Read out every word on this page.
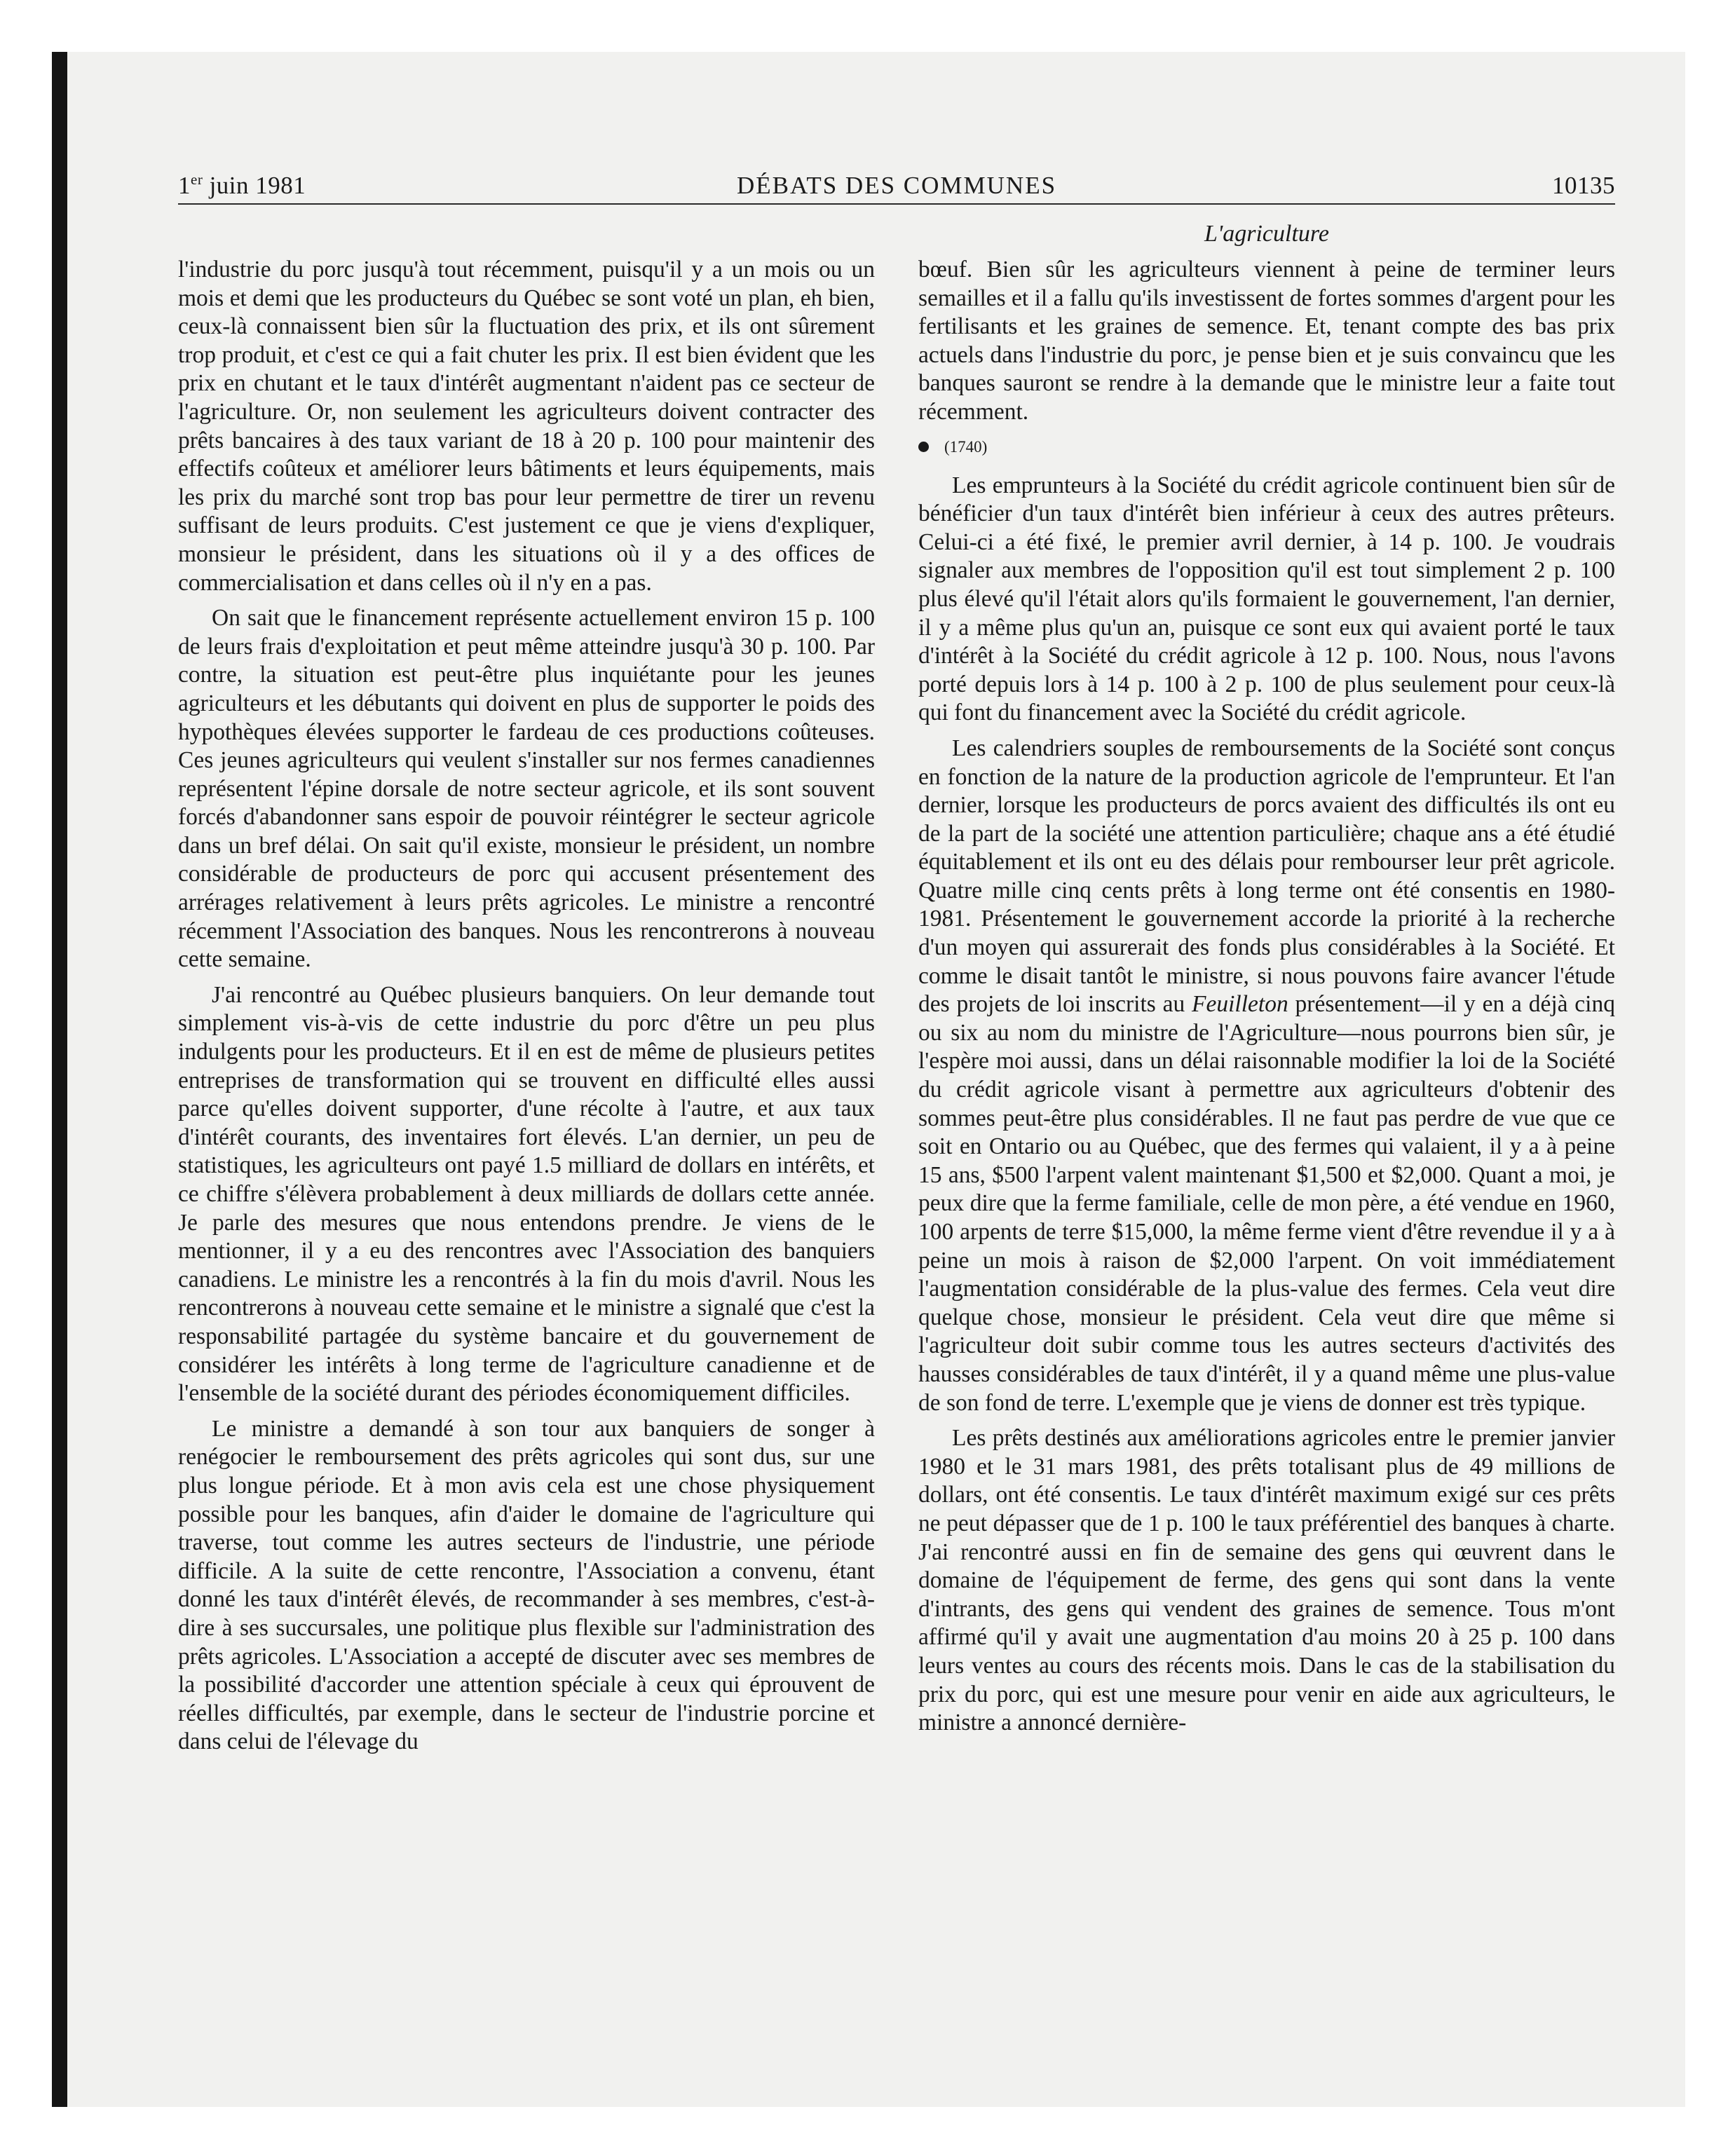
1er juin 1981	DÉBATS DES COMMUNES	10135
L'agriculture

l'industrie du porc jusqu'à tout récemment, puisqu'il y a un mois ou un mois et demi que les producteurs du Québec se sont voté un plan, eh bien, ceux-là connaissent bien sûr la fluctuation des prix, et ils ont sûrement trop produit, et c'est ce qui a fait chuter les prix. Il est bien évident que les prix en chutant et le taux d'intérêt augmentant n'aident pas ce secteur de l'agriculture. Or, non seulement les agriculteurs doivent contracter des prêts bancaires à des taux variant de 18 à 20 p. 100 pour maintenir des effectifs coûteux et améliorer leurs bâtiments et leurs équipements, mais les prix du marché sont trop bas pour leur permettre de tirer un revenu suffisant de leurs produits. C'est justement ce que je viens d'expliquer, monsieur le président, dans les situations où il y a des offices de commercialisation et dans celles où il n'y en a pas.

On sait que le financement représente actuellement environ 15 p. 100 de leurs frais d'exploitation et peut même atteindre jusqu'à 30 p. 100. Par contre, la situation est peut-être plus inquiétante pour les jeunes agriculteurs et les débutants qui doivent en plus de supporter le poids des hypothèques élevées supporter le fardeau de ces productions coûteuses. Ces jeunes agriculteurs qui veulent s'installer sur nos fermes canadiennes représentent l'épine dorsale de notre secteur agricole, et ils sont souvent forcés d'abandonner sans espoir de pouvoir réintégrer le secteur agricole dans un bref délai. On sait qu'il existe, monsieur le président, un nombre considérable de producteurs de porc qui accusent présentement des arrérages relativement à leurs prêts agricoles. Le ministre a rencontré récemment l'Association des banques. Nous les rencontrerons à nouveau cette semaine.

J'ai rencontré au Québec plusieurs banquiers. On leur demande tout simplement vis-à-vis de cette industrie du porc d'être un peu plus indulgents pour les producteurs. Et il en est de même de plusieurs petites entreprises de transformation qui se trouvent en difficulté elles aussi parce qu'elles doivent supporter, d'une récolte à l'autre, et aux taux d'intérêt courants, des inventaires fort élevés. L'an dernier, un peu de statistiques, les agriculteurs ont payé 1.5 milliard de dollars en intérêts, et ce chiffre s'élèvera probablement à deux milliards de dollars cette année. Je parle des mesures que nous entendons prendre. Je viens de le mentionner, il y a eu des rencontres avec l'Association des banquiers canadiens. Le ministre les a rencontrés à la fin du mois d'avril. Nous les rencontrerons à nouveau cette semaine et le ministre a signalé que c'est la responsabilité partagée du système bancaire et du gouvernement de considérer les intérêts à long terme de l'agriculture canadienne et de l'ensemble de la société durant des périodes économiquement difficiles.

Le ministre a demandé à son tour aux banquiers de songer à renégocier le remboursement des prêts agricoles qui sont dus, sur une plus longue période. Et à mon avis cela est une chose physiquement possible pour les banques, afin d'aider le domaine de l'agriculture qui traverse, tout comme les autres secteurs de l'industrie, une période difficile. A la suite de cette rencontre, l'Association a convenu, étant donné les taux d'intérêt élevés, de recommander à ses membres, c'est-à-dire à ses succursales, une politique plus flexible sur l'administration des prêts agricoles. L'Association a accepté de discuter avec ses membres de la possibilité d'accorder une attention spéciale à ceux qui éprouvent de réelles difficultés, par exemple, dans le secteur de l'industrie porcine et dans celui de l'élevage du

bœuf. Bien sûr les agriculteurs viennent à peine de terminer leurs semailles et il a fallu qu'ils investissent de fortes sommes d'argent pour les fertilisants et les graines de semence. Et, tenant compte des bas prix actuels dans l'industrie du porc, je pense bien et je suis convaincu que les banques sauront se rendre à la demande que le ministre leur a faite tout récemment.

(1740)

Les emprunteurs à la Société du crédit agricole continuent bien sûr de bénéficier d'un taux d'intérêt bien inférieur à ceux des autres prêteurs. Celui-ci a été fixé, le premier avril dernier, à 14 p. 100. Je voudrais signaler aux membres de l'opposition qu'il est tout simplement 2 p. 100 plus élevé qu'il l'était alors qu'ils formaient le gouvernement, l'an dernier, il y a même plus qu'un an, puisque ce sont eux qui avaient porté le taux d'intérêt à la Société du crédit agricole à 12 p. 100. Nous, nous l'avons porté depuis lors à 14 p. 100 à 2 p. 100 de plus seulement pour ceux-là qui font du financement avec la Société du crédit agricole.

Les calendriers souples de remboursements de la Société sont conçus en fonction de la nature de la production agricole de l'emprunteur. Et l'an dernier, lorsque les producteurs de porcs avaient des difficultés ils ont eu de la part de la société une attention particulière; chaque ans a été étudié équitablement et ils ont eu des délais pour rembourser leur prêt agricole. Quatre mille cinq cents prêts à long terme ont été consentis en 1980-1981. Présentement le gouvernement accorde la priorité à la recherche d'un moyen qui assurerait des fonds plus considérables à la Société. Et comme le disait tantôt le ministre, si nous pouvons faire avancer l'étude des projets de loi inscrits au Feuilleton présentement—il y en a déjà cinq ou six au nom du ministre de l'Agriculture—nous pourrons bien sûr, je l'espère moi aussi, dans un délai raisonnable modifier la loi de la Société du crédit agricole visant à permettre aux agriculteurs d'obtenir des sommes peut-être plus considérables. Il ne faut pas perdre de vue que ce soit en Ontario ou au Québec, que des fermes qui valaient, il y a à peine 15 ans, $500 l'arpent valent maintenant $1,500 et $2,000. Quant a moi, je peux dire que la ferme familiale, celle de mon père, a été vendue en 1960, 100 arpents de terre $15,000, la même ferme vient d'être revendue il y a à peine un mois à raison de $2,000 l'arpent. On voit immédiatement l'augmentation considérable de la plus-value des fermes. Cela veut dire quelque chose, monsieur le président. Cela veut dire que même si l'agriculteur doit subir comme tous les autres secteurs d'activités des hausses considérables de taux d'intérêt, il y a quand même une plus-value de son fond de terre. L'exemple que je viens de donner est très typique.

Les prêts destinés aux améliorations agricoles entre le premier janvier 1980 et le 31 mars 1981, des prêts totalisant plus de 49 millions de dollars, ont été consentis. Le taux d'intérêt maximum exigé sur ces prêts ne peut dépasser que de 1 p. 100 le taux préférentiel des banques à charte. J'ai rencontré aussi en fin de semaine des gens qui œuvrent dans le domaine de l'équipement de ferme, des gens qui sont dans la vente d'intrants, des gens qui vendent des graines de semence. Tous m'ont affirmé qu'il y avait une augmentation d'au moins 20 à 25 p. 100 dans leurs ventes au cours des récents mois. Dans le cas de la stabilisation du prix du porc, qui est une mesure pour venir en aide aux agriculteurs, le ministre a annoncé dernière-
